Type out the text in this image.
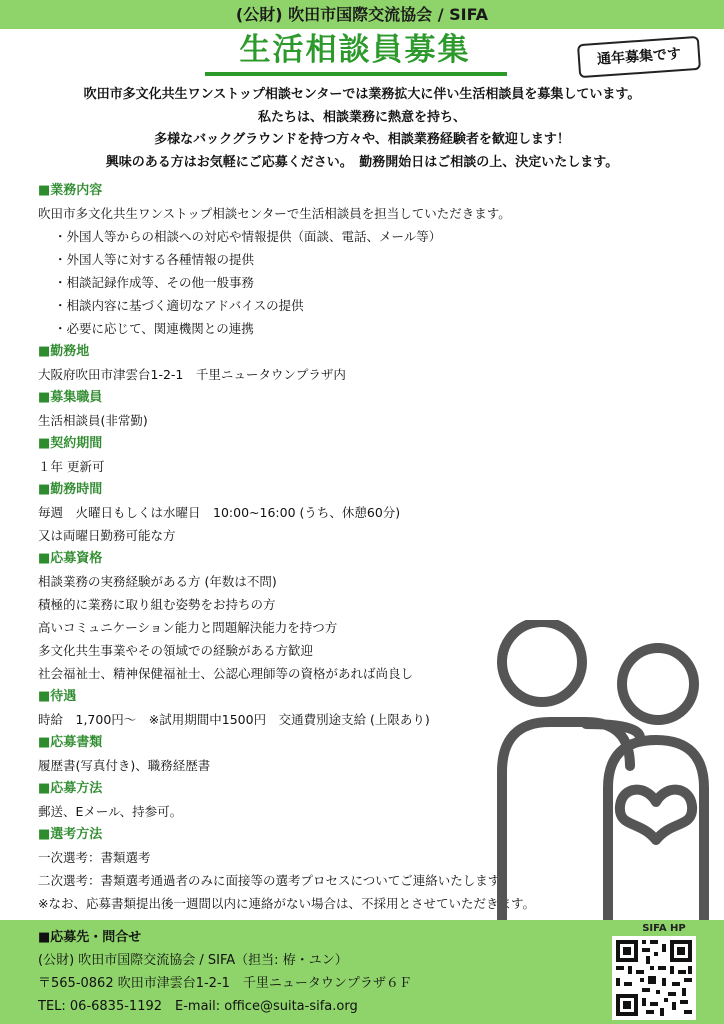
(公財) 吹田市国際交流協会 / SIFA
生活相談員募集	通年募集です
吹田市多文化共生ワンストップ相談センターでは業務拡大に伴い生活相談員を募集しています。
私たちは、相談業務に熱意を持ち、
多様なバックグラウンドを持つ方々や、相談業務経験者を歓迎します！
興味のある方はお気軽にご応募ください。　勤務開始日はご相談の上、決定いたします。
■業務内容
吹田市多文化共生ワンストップ相談センターで生活相談員を担当していただきます。
・外国人等からの相談への対応や情報提供（面談、電話、メール等）
・外国人等に対する各種情報の提供
・相談記録作成等、その他一般事務
・相談内容に基づく適切なアドバイスの提供
・必要に応じて、関連機関との連携
■勤務地
大阪府吹田市津雲台1-2-1　千里ニュータウンプラザ内
■募集職員
生活相談員(非常勤)
■契約期間
１年 更新可
■勤務時間
毎週　火曜日もしくは水曜日　10:00~16:00 (うち、休憩60分)
又は両曜日勤務可能な方
■応募資格
相談業務の実務経験がある方 (年数は不問)
積極的に業務に取り組む姿勢をお持ちの方
高いコミュニケーション能力と問題解決能力を持つ方
多文化共生事業やその領域での経験がある方歓迎
社会福祉士、精神保健福祉士、公認心理師等の資格があれば尚良し
■待遇
時給　1,700円～　※試用期間中1500円　交通費別途支給 (上限あり)
■応募書類
履歴書(写真付き)、職務経歴書
■応募方法
郵送、Eメール、持参可。
■選考方法
一次選考：書類選考
二次選考：書類選考通過者のみに面接等の選考プロセスについてご連絡いたします。
※なお、応募書類提出後一週間以内に連絡がない場合は、不採用とさせていただきます。
■応募先・問合せ
(公財) 吹田市国際交流協会 / SIFA（担当: 栫・ユン）
〒565-0862 吹田市津雲台1-2-1　千里ニュータウンプラザ６Ｆ
TEL: 06-6835-1192　E-mail: office@suita-sifa.org
SIFA HP
